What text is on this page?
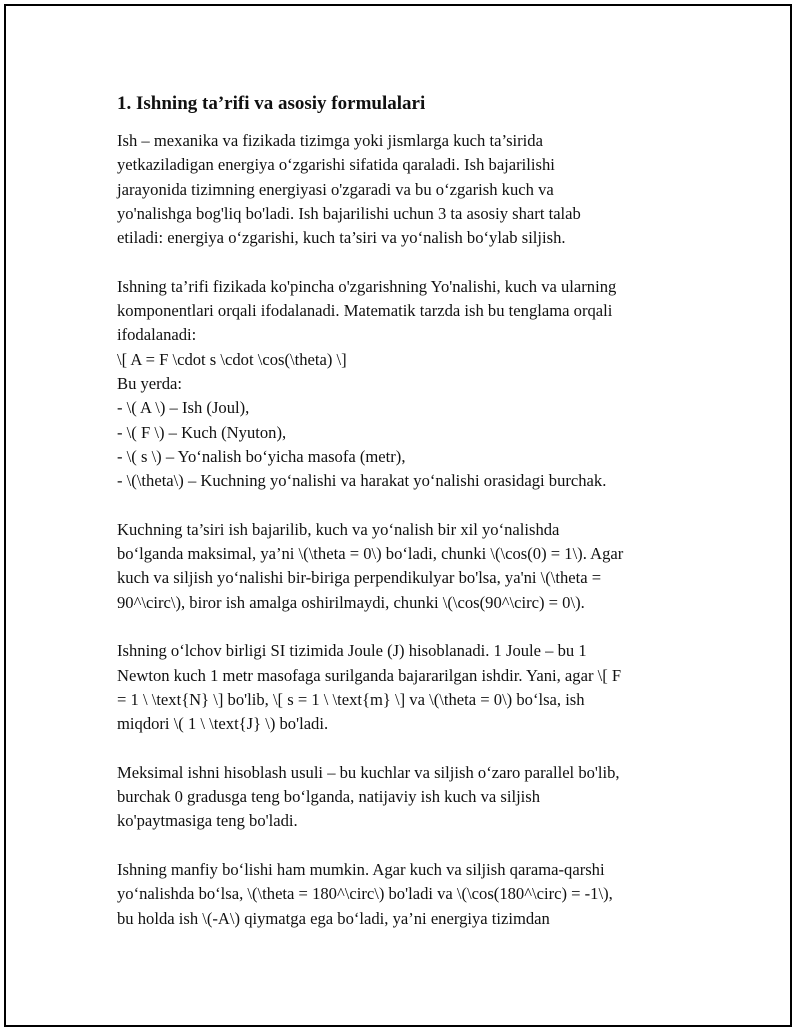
1. Ishning ta’rifi va asosiy formulalari

Ish – mexanika va fizikada tizimga yoki jismlarga kuch ta’sirida
yetkaziladigan energiya o‘zgarishi sifatida qaraladi. Ish bajarilishi
jarayonida tizimning energiyasi o'zgaradi va bu o‘zgarish kuch va
yo'nalishga bog'liq bo'ladi. Ish bajarilishi uchun 3 ta asosiy shart talab
etiladi: energiya o‘zgarishi, kuch ta’siri va yo‘nalish bo‘ylab siljish.

Ishning ta’rifi fizikada ko'pincha o'zgarishning Yo'nalishi, kuch va ularning
komponentlari orqali ifodalanadi. Matematik tarzda ish bu tenglama orqali
ifodalanadi:
\[ A = F \cdot s \cdot \cos(\theta) \]
Bu yerda:
- \( A \) – Ish (Joul),
- \( F \) – Kuch (Nyuton),
- \( s \) – Yo‘nalish bo‘yicha masofa (metr),
- \(\theta\) – Kuchning yo‘nalishi va harakat yo‘nalishi orasidagi burchak.

Kuchning ta’siri ish bajarilib, kuch va yo‘nalish bir xil yo‘nalishda
bo‘lganda maksimal, ya’ni \(\theta = 0\) bo‘ladi, chunki \(\cos(0) = 1\). Agar
kuch va siljish yo‘nalishi bir-biriga perpendikulyar bo'lsa, ya'ni \(\theta =
90^\circ\), biror ish amalga oshirilmaydi, chunki \(\cos(90^\circ) = 0\).

Ishning o‘lchov birligi SI tizimida Joule (J) hisoblanadi. 1 Joule – bu 1
Newton kuch 1 metr masofaga surilganda bajararilgan ishdir. Yani, agar \[ F
= 1 \ \text{N} \] bo'lib, \[ s = 1 \ \text{m} \] va \(\theta = 0\) bo‘lsa, ish
miqdori \( 1 \ \text{J} \) bo'ladi.

Meksimal ishni hisoblash usuli – bu kuchlar va siljish o‘zaro parallel bo'lib,
burchak 0 gradusga teng bo‘lganda, natijaviy ish kuch va siljish
ko'paytmasiga teng bo'ladi.

Ishning manfiy bo‘lishi ham mumkin. Agar kuch va siljish qarama-qarshi
yo‘nalishda bo‘lsa, \(\theta = 180^\circ\) bo'ladi va \(\cos(180^\circ) = -1\),
bu holda ish \(-A\) qiymatga ega bo‘ladi, ya’ni energiya tizimdan
